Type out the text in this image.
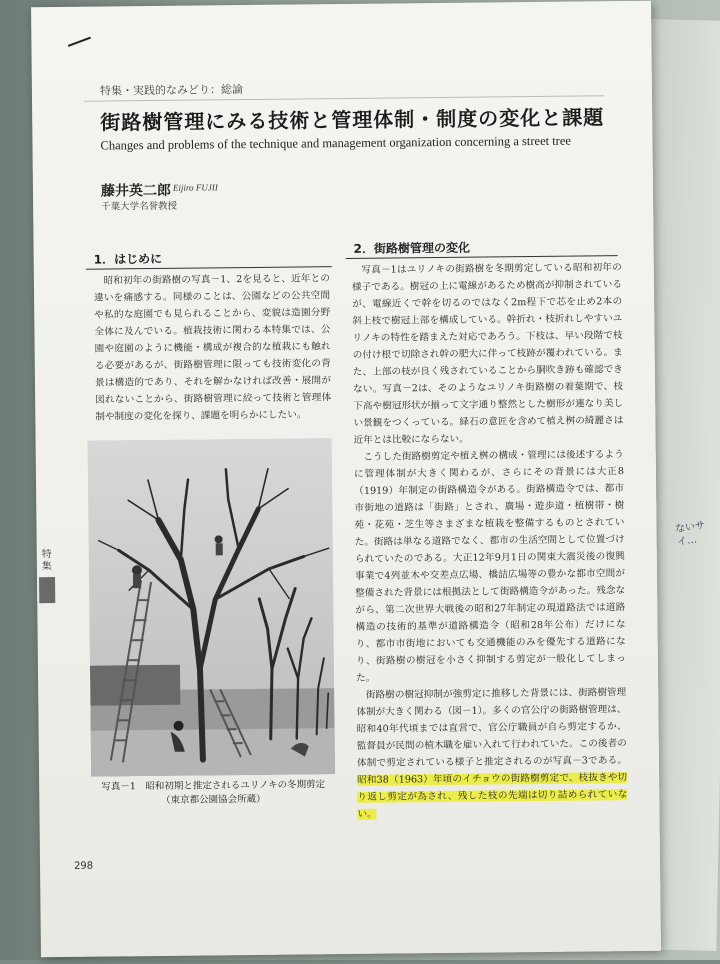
ないサイ…
特集・実践的なみどり：総論
街路樹管理にみる技術と管理体制・制度の変化と課題
Changes and problems of the technique and management organization concerning a street tree
藤井英二郎 Eijiro FUJII
千葉大学名誉教授
1．はじめに

昭和初年の街路樹の写真－1、2を見ると、近年との違いを痛感する。同様のことは、公園などの公共空間や私的な庭園でも見られることから、変貌は造園分野全体に及んでいる。植栽技術に関わる本特集では、公園や庭園のように機能・構成が複合的な植栽にも触れる必要があるが、街路樹管理に限っても技術変化の背景は構造的であり、それを解かなければ改善・展開が図れないことから、街路樹管理に絞って技術と管理体制や制度の変化を探り、課題を明らかにしたい。

写真－1　昭和初期と推定されるユリノキの冬期剪定
（東京都公園協会所蔵）
2．街路樹管理の変化

写真－1はユリノキの街路樹を冬期剪定している昭和初年の様子である。樹冠の上に電線があるため樹高が抑制されているが、電線近くで幹を切るのではなく2m程下で芯を止め2本の斜上枝で樹冠上部を構成している。幹折れ・枝折れしやすいユリノキの特性を踏まえた対応であろう。下枝は、早い段階で枝の付け根で切除され幹の肥大に伴って枝跡が覆われている。また、上部の枝が良く残されていることから胴吹き跡も確認できない。写真－2は、そのようなユリノキ街路樹の着葉期で、枝下高や樹冠形状が揃って文字通り整然とした樹形が連なり美しい景観をつくっている。緑石の意匠を含めて植え桝の綺麗さは近年とは比較にならない。

こうした街路樹剪定や植え桝の構成・管理には後述するように管理体制が大きく関わるが、さらにその背景には大正8（1919）年制定の街路構造令がある。街路構造令では、都市市街地の道路は「街路」とされ、廣場・遊歩道・植樹帯・樹苑・花苑・芝生等さまざまな植栽を整備するものとされていた。街路は単なる道路でなく、都市の生活空間として位置づけられていたのである。大正12年9月1日の関東大震災後の復興事業で4列並木や交差点広場、橋詰広場等の豊かな都市空間が整備された背景には根拠法として街路構造令があった。残念ながら、第二次世界大戦後の昭和27年制定の現道路法では道路構造の技術的基準が道路構造令（昭和28年公布）だけになり、都市市街地においても交通機能のみを優先する道路になり、街路樹の樹冠を小さく抑制する剪定が一般化してしまった。

街路樹の樹冠抑制が強剪定に推移した背景には、街路樹管理体制が大きく関わる（図－1）。多くの官公庁の街路樹管理は、昭和40年代頃までは直営で、官公庁職員が自ら剪定するか、監督員が民間の植木職を雇い入れて行われていた。この後者の体制で剪定されている様子と推定されるのが写真－3である。昭和38（1963）年頃のイチョウの街路樹剪定で、枝抜きや切り返し剪定が為され、残した枝の先端は切り詰められていない。

特集
298
